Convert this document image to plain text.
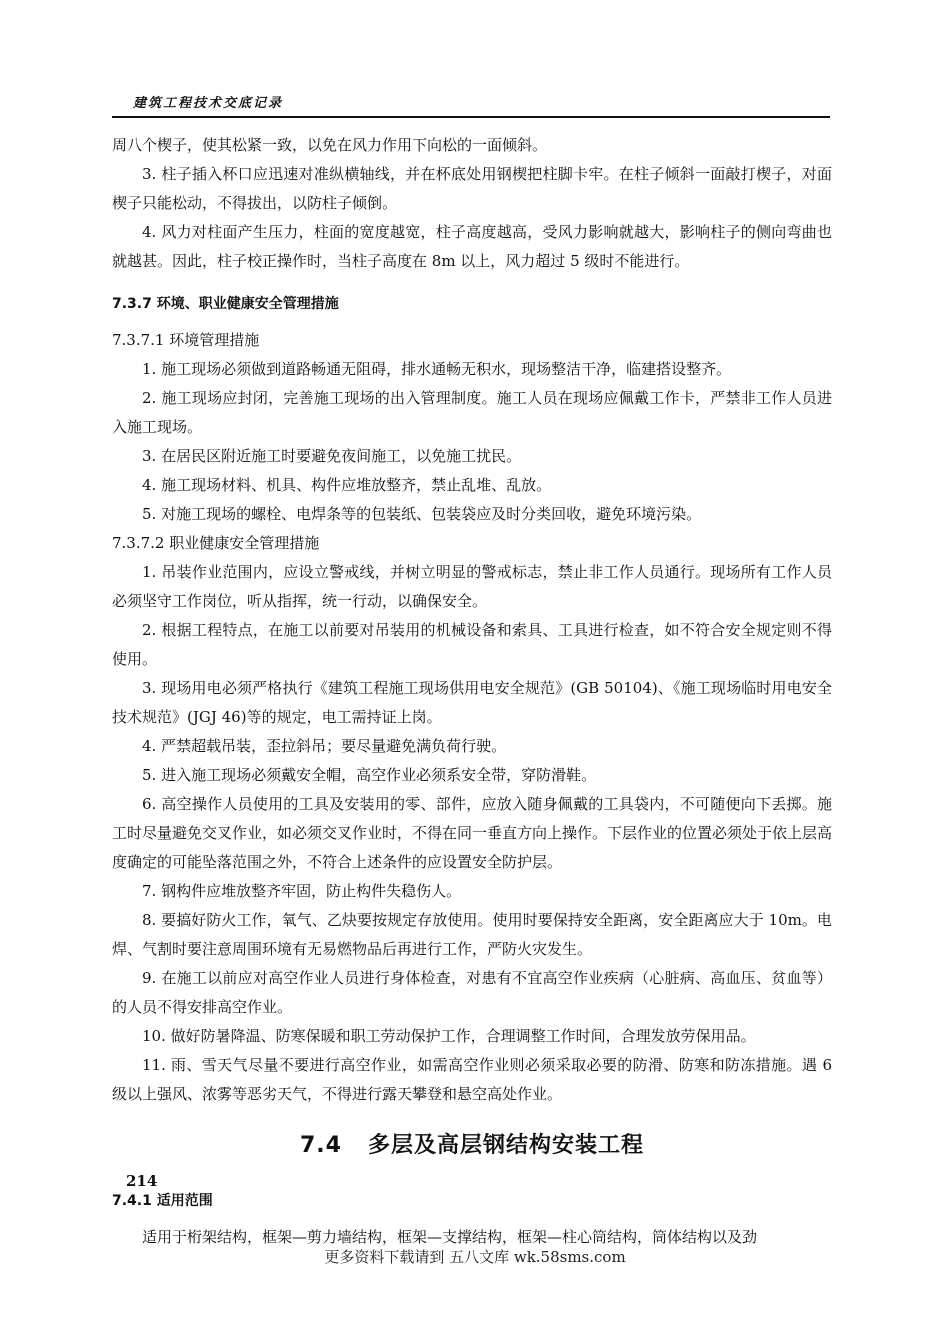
建筑工程技术交底记录

周八个楔子，使其松紧一致，以免在风力作用下向松的一面倾斜。

3. 柱子插入杯口应迅速对准纵横轴线，并在杯底处用钢楔把柱脚卡牢。在柱子倾斜一面敲打楔子，对面楔子只能松动，不得拔出，以防柱子倾倒。

4. 风力对柱面产生压力，柱面的宽度越宽，柱子高度越高，受风力影响就越大，影响柱子的侧向弯曲也就越甚。因此，柱子校正操作时，当柱子高度在 8m 以上，风力超过 5 级时不能进行。

7.3.7 环境、职业健康安全管理措施
7.3.7.1 环境管理措施

1. 施工现场必须做到道路畅通无阻碍，排水通畅无积水，现场整洁干净，临建搭设整齐。

2. 施工现场应封闭，完善施工现场的出入管理制度。施工人员在现场应佩戴工作卡，严禁非工作人员进入施工现场。

3. 在居民区附近施工时要避免夜间施工，以免施工扰民。

4. 施工现场材料、机具、构件应堆放整齐，禁止乱堆、乱放。

5. 对施工现场的螺栓、电焊条等的包装纸、包装袋应及时分类回收，避免环境污染。

7.3.7.2 职业健康安全管理措施

1. 吊装作业范围内，应设立警戒线，并树立明显的警戒标志，禁止非工作人员通行。现场所有工作人员必须坚守工作岗位，听从指挥，统一行动，以确保安全。

2. 根据工程特点，在施工以前要对吊装用的机械设备和索具、工具进行检查，如不符合安全规定则不得使用。

3. 现场用电必须严格执行《建筑工程施工现场供用电安全规范》(GB 50104)、《施工现场临时用电安全技术规范》(JGJ 46)等的规定，电工需持证上岗。

4. 严禁超载吊装，歪拉斜吊；要尽量避免满负荷行驶。

5. 进入施工现场必须戴安全帽，高空作业必须系安全带，穿防滑鞋。

6. 高空操作人员使用的工具及安装用的零、部件，应放入随身佩戴的工具袋内，不可随便向下丢掷。施工时尽量避免交叉作业，如必须交叉作业时，不得在同一垂直方向上操作。下层作业的位置必须处于依上层高度确定的可能坠落范围之外，不符合上述条件的应设置安全防护层。

7. 钢构件应堆放整齐牢固，防止构件失稳伤人。

8. 要搞好防火工作，氧气、乙炔要按规定存放使用。使用时要保持安全距离，安全距离应大于 10m。电焊、气割时要注意周围环境有无易燃物品后再进行工作，严防火灾发生。

9. 在施工以前应对高空作业人员进行身体检查，对患有不宜高空作业疾病（心脏病、高血压、贫血等）的人员不得安排高空作业。

10. 做好防暑降温、防寒保暖和职工劳动保护工作，合理调整工作时间，合理发放劳保用品。

11. 雨、雪天气尽量不要进行高空作业，如需高空作业则必须采取必要的防滑、防寒和防冻措施。遇 6 级以上强风、浓雾等恶劣天气，不得进行露天攀登和悬空高处作业。

7.4 多层及高层钢结构安装工程
7.4.1 适用范围

适用于桁架结构，框架—剪力墙结构，框架—支撑结构，框架—柱心筒结构，筒体结构以及劲

214
更多资料下载请到 五八文库 wk.58sms.com
